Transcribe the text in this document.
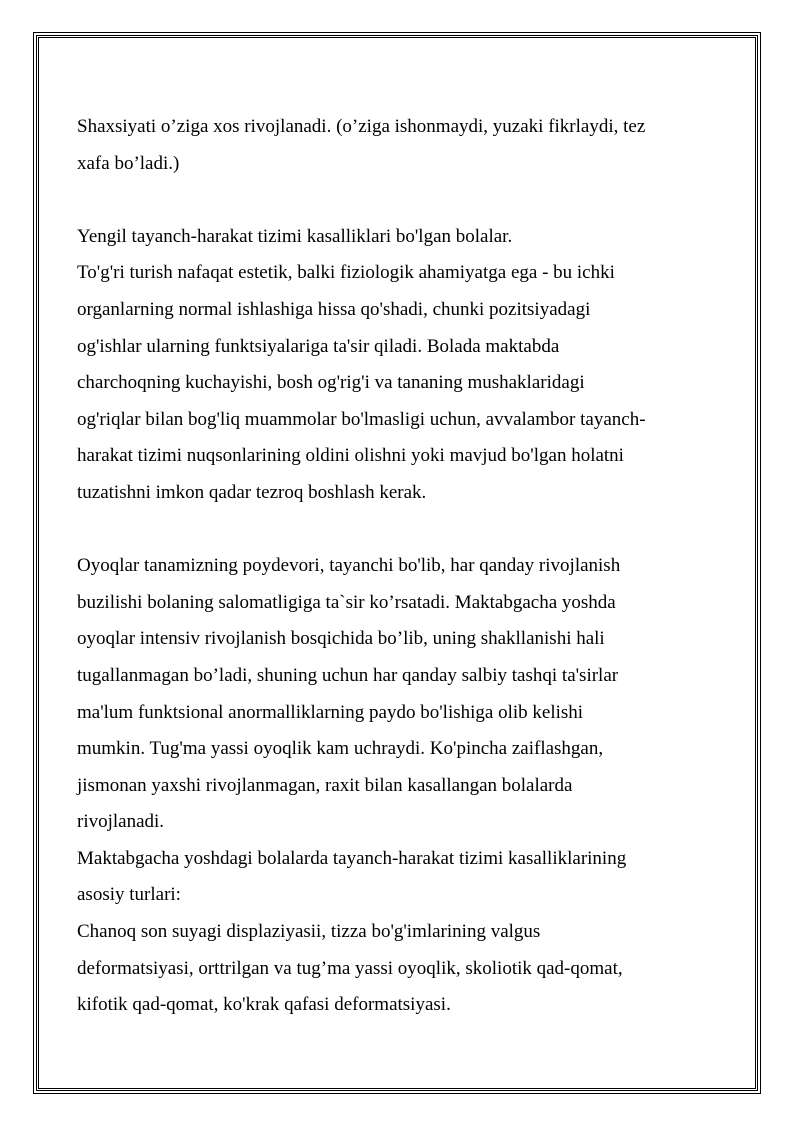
Shaxsiyati o’ziga xos rivojlanadi. (o’ziga ishonmaydi, yuzaki fikrlaydi, tez
xafa bo’ladi.)

Yengil tayanch-harakat tizimi kasalliklari bo'lgan bolalar.

To'g'ri turish nafaqat estetik, balki fiziologik ahamiyatga ega - bu ichki
organlarning normal ishlashiga hissa qo'shadi, chunki pozitsiyadagi
og'ishlar ularning funktsiyalariga ta'sir qiladi. Bolada maktabda
charchoqning kuchayishi, bosh og'rig'i va tananing mushaklaridagi
og'riqlar bilan bog'liq muammolar bo'lmasligi uchun, avvalambor tayanch-
harakat tizimi nuqsonlarining oldini olishni yoki mavjud bo'lgan holatni
tuzatishni imkon qadar tezroq boshlash kerak.

Oyoqlar tanamizning poydevori, tayanchi bo'lib, har qanday rivojlanish
buzilishi bolaning salomatligiga ta`sir ko’rsatadi. Maktabgacha yoshda
oyoqlar intensiv rivojlanish bosqichida bo’lib, uning shakllanishi hali
tugallanmagan bo’ladi, shuning uchun har qanday salbiy tashqi ta'sirlar
ma'lum funktsional anormalliklarning paydo bo'lishiga olib kelishi
mumkin. Tug'ma yassi oyoqlik kam uchraydi. Ko'pincha zaiflashgan,
jismonan yaxshi rivojlanmagan, raxit bilan kasallangan bolalarda
rivojlanadi.

Maktabgacha yoshdagi bolalarda tayanch-harakat tizimi kasalliklarining
asosiy turlari:

Chanoq son suyagi displaziyasii, tizza bo'g'imlarining valgus
deformatsiyasi, orttrilgan va tug’ma yassi oyoqlik, skoliotik qad-qomat,
kifotik qad-qomat, ko'krak qafasi deformatsiyasi.
